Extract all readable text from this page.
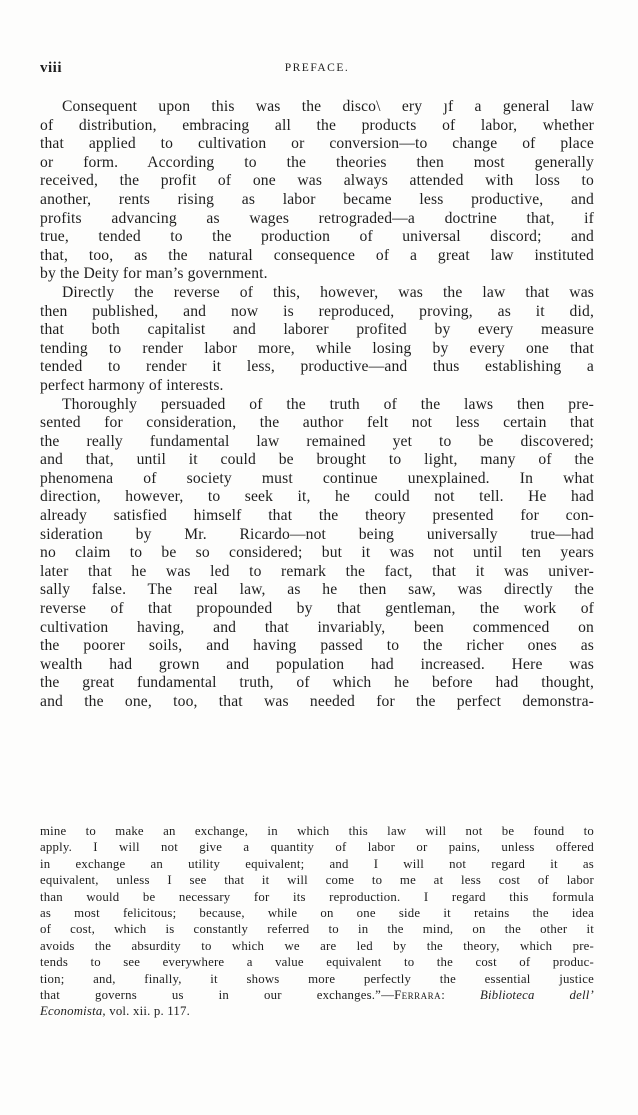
viii	PREFACE.
Consequent upon this was the disco\ ery ȷf a general law
of distribution, embracing all the products of labor, whether
that applied to cultivation or conversion—to change of place
or form. According to the theories then most generally
received, the profit of one was always attended with loss to
another, rents rising as labor became less productive, and
profits advancing as wages retrograded—a doctrine that, if
true, tended to the production of universal discord; and
that, too, as the natural consequence of a great law instituted
by the Deity for man’s government.
Directly the reverse of this, however, was the law that was
then published, and now is reproduced, proving, as it did,
that both capitalist and laborer profited by every measure
tending to render labor more, while losing by every one that
tended to render it less, productive—and thus establishing a
perfect harmony of interests.
Thoroughly persuaded of the truth of the laws then pre-
sented for consideration, the author felt not less certain that
the really fundamental law remained yet to be discovered;
and that, until it could be brought to light, many of the
phenomena of society must continue unexplained. In what
direction, however, to seek it, he could not tell. He had
already satisfied himself that the theory presented for con-
sideration by Mr. Ricardo—not being universally true—had
no claim to be so considered; but it was not until ten years
later that he was led to remark the fact, that it was univer-
sally false. The real law, as he then saw, was directly the
reverse of that propounded by that gentleman, the work of
cultivation having, and that invariably, been commenced on
the poorer soils, and having passed to the richer ones as
wealth had grown and population had increased. Here was
the great fundamental truth, of which he before had thought,
and the one, too, that was needed for the perfect demonstra-
mine to make an exchange, in which this law will not be found to
apply. I will not give a quantity of labor or pains, unless offered
in exchange an utility equivalent; and I will not regard it as
equivalent, unless I see that it will come to me at less cost of labor
than would be necessary for its reproduction. I regard this formula
as most felicitous; because, while on one side it retains the idea
of cost, which is constantly referred to in the mind, on the other it
avoids the absurdity to which we are led by the theory, which pre-
tends to see everywhere a value equivalent to the cost of produc-
tion; and, finally, it shows more perfectly the essential justice
that governs us in our exchanges.”—Ferrara: Biblioteca dell’
Economista, vol. xii. p. 117.
